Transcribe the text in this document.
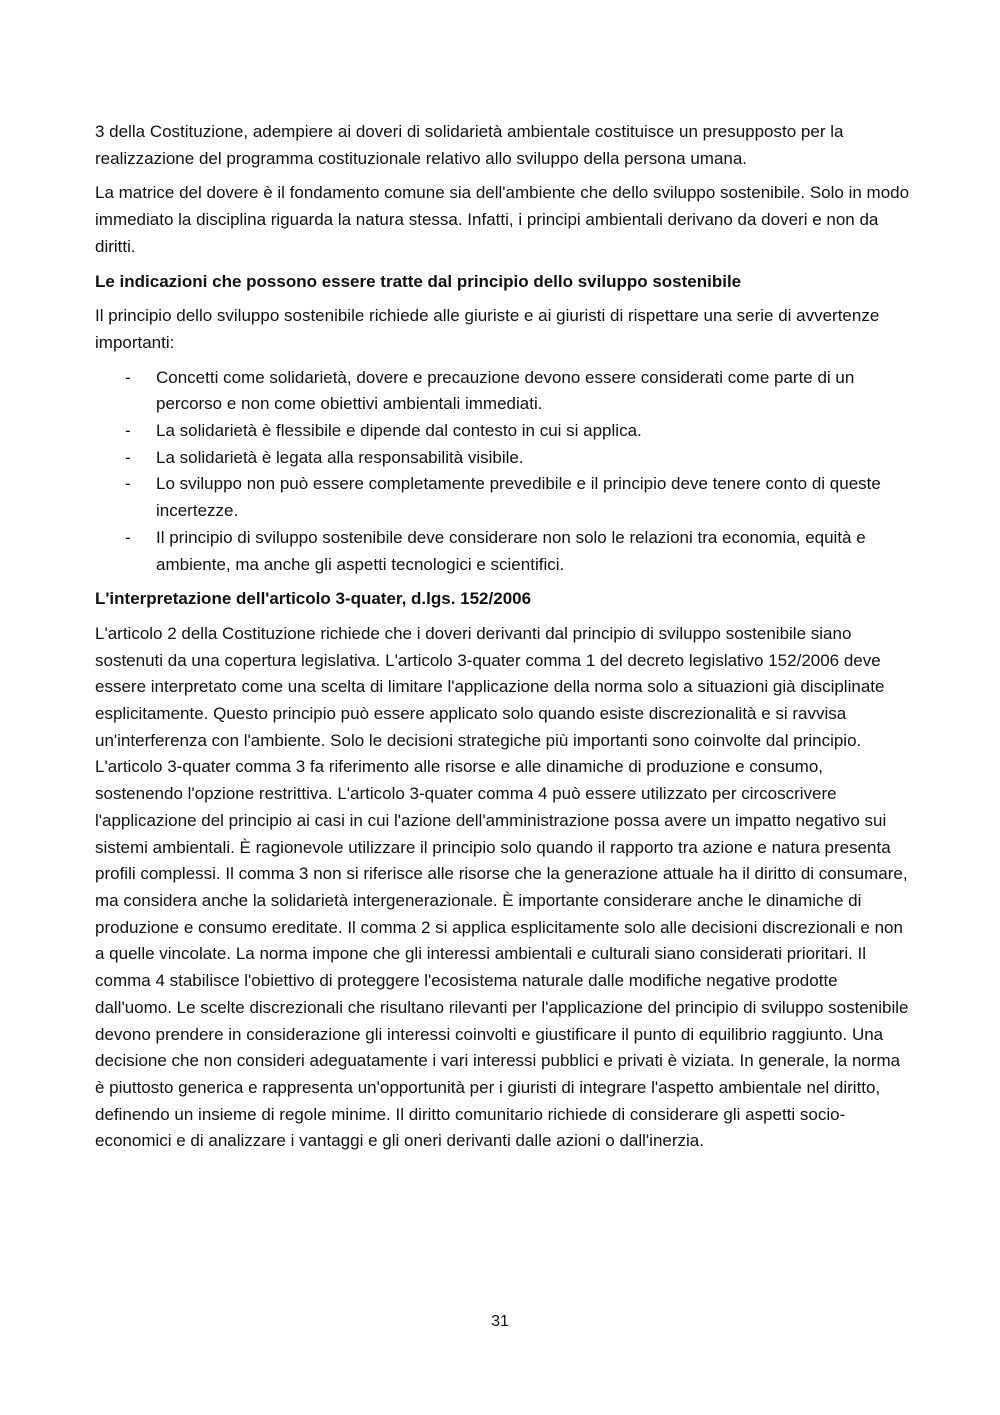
3 della Costituzione, adempiere ai doveri di solidarietà ambientale costituisce un presupposto per la realizzazione del programma costituzionale relativo allo sviluppo della persona umana.

La matrice del dovere è il fondamento comune sia dell'ambiente che dello sviluppo sostenibile. Solo in modo immediato la disciplina riguarda la natura stessa. Infatti, i principi ambientali derivano da doveri e non da diritti.

Le indicazioni che possono essere tratte dal principio dello sviluppo sostenibile

Il principio dello sviluppo sostenibile richiede alle giuriste e ai giuristi di rispettare una serie di avvertenze importanti:

- Concetti come solidarietà, dovere e precauzione devono essere considerati come parte di un percorso e non come obiettivi ambientali immediati.
- La solidarietà è flessibile e dipende dal contesto in cui si applica.
- La solidarietà è legata alla responsabilità visibile.
- Lo sviluppo non può essere completamente prevedibile e il principio deve tenere conto di queste incertezze.
- Il principio di sviluppo sostenibile deve considerare non solo le relazioni tra economia, equità e ambiente, ma anche gli aspetti tecnologici e scientifici.

L'interpretazione dell'articolo 3-quater, d.lgs. 152/2006

L'articolo 2 della Costituzione richiede che i doveri derivanti dal principio di sviluppo sostenibile siano sostenuti da una copertura legislativa. L'articolo 3-quater comma 1 del decreto legislativo 152/2006 deve essere interpretato come una scelta di limitare l'applicazione della norma solo a situazioni già disciplinate esplicitamente. Questo principio può essere applicato solo quando esiste discrezionalità e si ravvisa un'interferenza con l'ambiente. Solo le decisioni strategiche più importanti sono coinvolte dal principio. L'articolo 3-quater comma 3 fa riferimento alle risorse e alle dinamiche di produzione e consumo, sostenendo l'opzione restrittiva. L'articolo 3-quater comma 4 può essere utilizzato per circoscrivere l'applicazione del principio ai casi in cui l'azione dell'amministrazione possa avere un impatto negativo sui sistemi ambientali. È ragionevole utilizzare il principio solo quando il rapporto tra azione e natura presenta profili complessi. Il comma 3 non si riferisce alle risorse che la generazione attuale ha il diritto di consumare, ma considera anche la solidarietà intergenerazionale. È importante considerare anche le dinamiche di produzione e consumo ereditate. Il comma 2 si applica esplicitamente solo alle decisioni discrezionali e non a quelle vincolate. La norma impone che gli interessi ambientali e culturali siano considerati prioritari. Il comma 4 stabilisce l'obiettivo di proteggere l'ecosistema naturale dalle modifiche negative prodotte dall'uomo. Le scelte discrezionali che risultano rilevanti per l'applicazione del principio di sviluppo sostenibile devono prendere in considerazione gli interessi coinvolti e giustificare il punto di equilibrio raggiunto. Una decisione che non consideri adeguatamente i vari interessi pubblici e privati è viziata. In generale, la norma è piuttosto generica e rappresenta un'opportunità per i giuristi di integrare l'aspetto ambientale nel diritto, definendo un insieme di regole minime. Il diritto comunitario richiede di considerare gli aspetti socio-economici e di analizzare i vantaggi e gli oneri derivanti dalle azioni o dall'inerzia.

31
